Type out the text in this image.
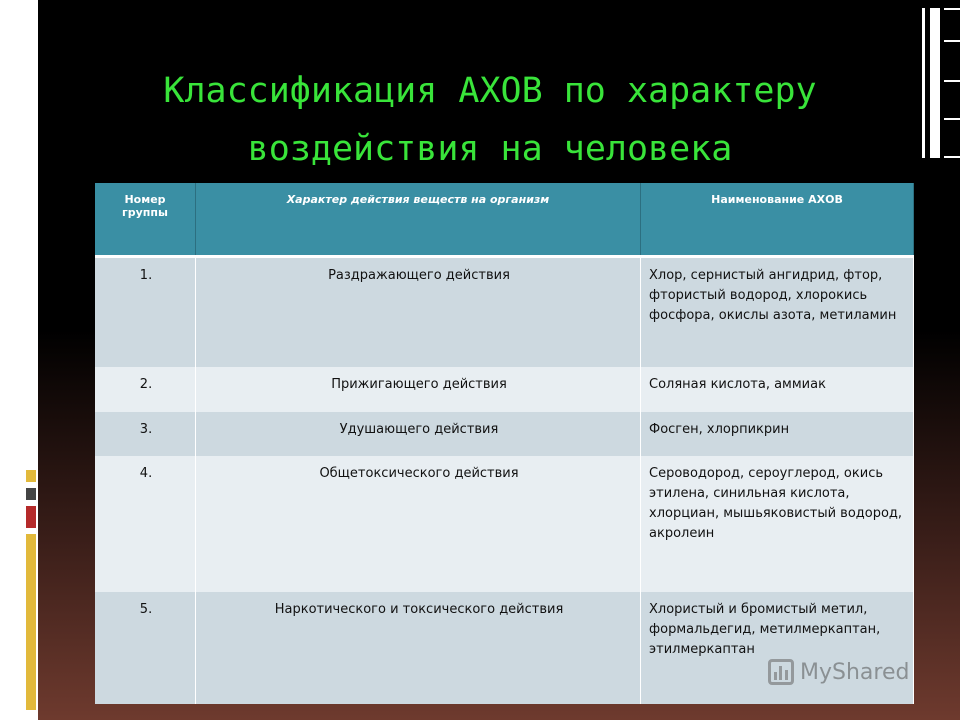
Классификация АХОВ по характеру воздействия на человека
Номер группы	Характер действия веществ на организм	Наименование АХОВ
1.	Раздражающего действия	Хлор, сернистый ангидрид, фтор, фтористый водород, хлорокись фосфора, окислы азота, метиламин
2.	Прижигающего действия	Соляная кислота, аммиак
3.	Удушающего действия	Фосген, хлорпикрин
4.	Общетоксического действия	Сероводород, сероуглерод, окись этилена, синильная кислота, хлорциан, мышьяковистый водород, акролеин
5.	Наркотического и токсического действия	Хлористый и бромистый метил, формальдегид, метилмеркаптан, этилмеркаптан
MyShared
